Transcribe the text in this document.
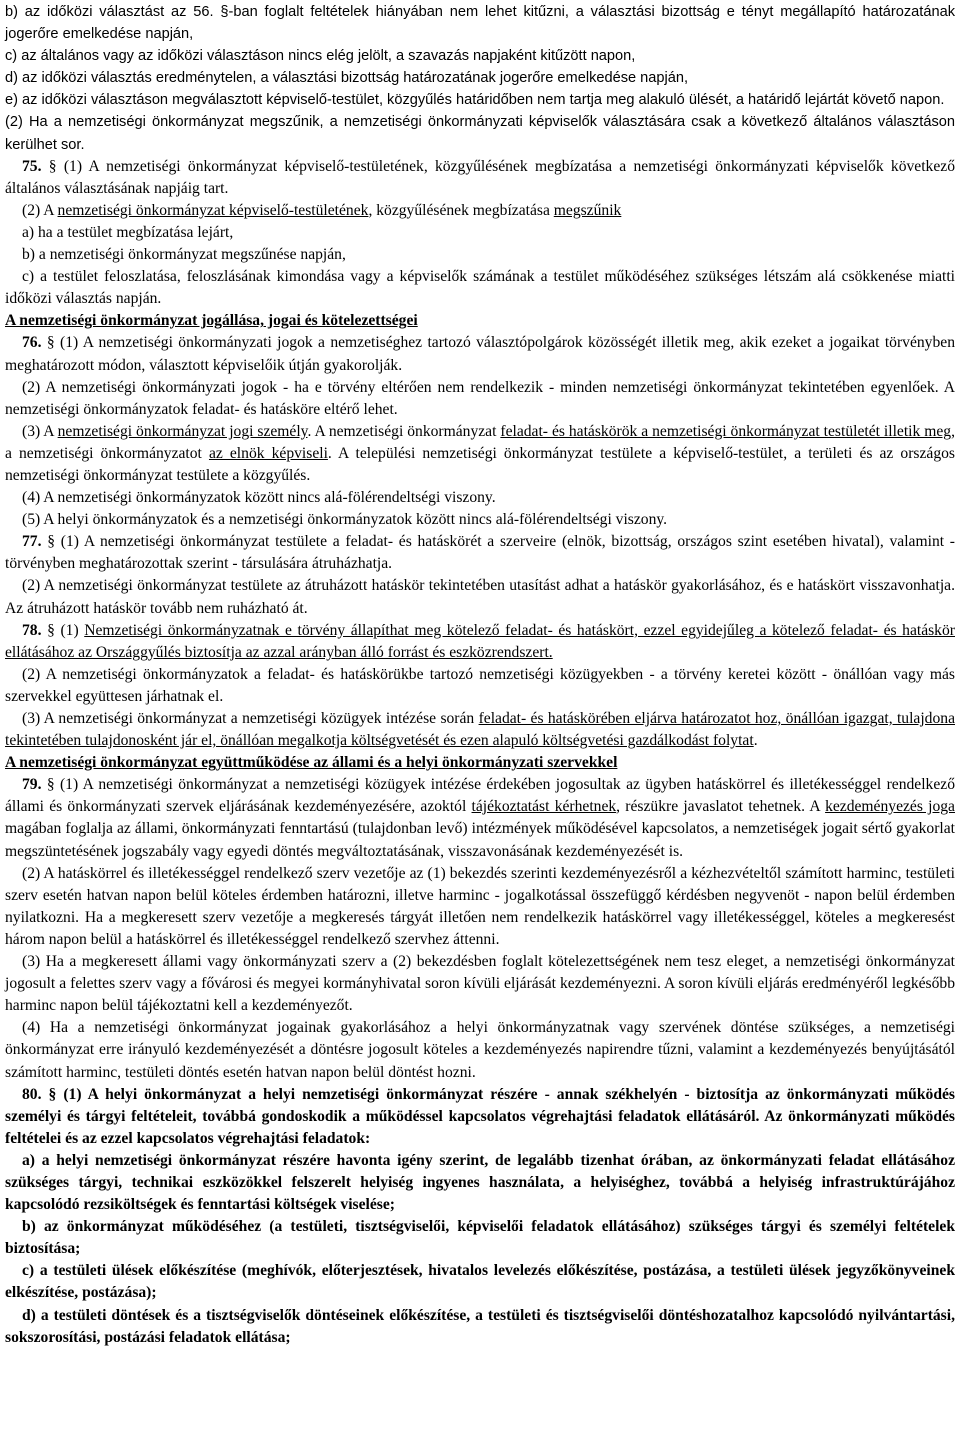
b) az időközi választást az 56. §-ban foglalt feltételek hiányában nem lehet kitűzni, a választási bizottság e tényt megállapító határozatának jogerőre emelkedése napján,

c) az általános vagy az időközi választáson nincs elég jelölt, a szavazás napjaként kitűzött napon,

d) az időközi választás eredménytelen, a választási bizottság határozatának jogerőre emelkedése napján,

e) az időközi választáson megválasztott képviselő-testület, közgyűlés határidőben nem tartja meg alakuló ülését, a határidő lejártát követő napon.

(2) Ha a nemzetiségi önkormányzat megszűnik, a nemzetiségi önkormányzati képviselők választására csak a következő általános választáson kerülhet sor.

75. § (1) A nemzetiségi önkormányzat képviselő-testületének, közgyűlésének megbízatása a nemzetiségi önkormányzati képviselők következő általános választásának napjáig tart.

(2) A nemzetiségi önkormányzat képviselő-testületének, közgyűlésének megbízatása megszűnik

a) ha a testület megbízatása lejárt,

b) a nemzetiségi önkormányzat megszűnése napján,

c) a testület feloszlatása, feloszlásának kimondása vagy a képviselők számának a testület működéséhez szükséges létszám alá csökkenése miatti időközi választás napján.

A nemzetiségi önkormányzat jogállása, jogai és kötelezettségei

76. § (1) A nemzetiségi önkormányzati jogok a nemzetiséghez tartozó választópolgárok közösségét illetik meg, akik ezeket a jogaikat törvényben meghatározott módon, választott képviselőik útján gyakorolják.

(2) A nemzetiségi önkormányzati jogok - ha e törvény eltérően nem rendelkezik - minden nemzetiségi önkormányzat tekintetében egyenlőek. A nemzetiségi önkormányzatok feladat- és hatásköre eltérő lehet.

(3) A nemzetiségi önkormányzat jogi személy. A nemzetiségi önkormányzat feladat- és hatáskörök a nemzetiségi önkormányzat testületét illetik meg, a nemzetiségi önkormányzatot az elnök képviseli. A települési nemzetiségi önkormányzat testülete a képviselő-testület, a területi és az országos nemzetiségi önkormányzat testülete a közgyűlés.

(4) A nemzetiségi önkormányzatok között nincs alá-fölérendeltségi viszony.

(5) A helyi önkormányzatok és a nemzetiségi önkormányzatok között nincs alá-fölérendeltségi viszony.

77. § (1) A nemzetiségi önkormányzat testülete a feladat- és hatáskörét a szerveire (elnök, bizottság, országos szint esetében hivatal), valamint - törvényben meghatározottak szerint - társulására átruházhatja.

(2) A nemzetiségi önkormányzat testülete az átruházott hatáskör tekintetében utasítást adhat a hatáskör gyakorlásához, és e hatáskört visszavonhatja. Az átruházott hatáskör tovább nem ruházható át.

78. § (1) Nemzetiségi önkormányzatnak e törvény állapíthat meg kötelező feladat- és hatáskört, ezzel egyidejűleg a kötelező feladat- és hatáskör ellátásához az Országgyűlés biztosítja az azzal arányban álló forrást és eszközrendszert.

(2) A nemzetiségi önkormányzatok a feladat- és hatáskörükbe tartozó nemzetiségi közügyekben - a törvény keretei között - önállóan vagy más szervekkel együttesen járhatnak el.

(3) A nemzetiségi önkormányzat a nemzetiségi közügyek intézése során feladat- és hatáskörében eljárva határozatot hoz, önállóan igazgat, tulajdona tekintetében tulajdonosként jár el, önállóan megalkotja költségvetését és ezen alapuló költségvetési gazdálkodást folytat.

A nemzetiségi önkormányzat együttműködése az állami és a helyi önkormányzati szervekkel

79. § (1) A nemzetiségi önkormányzat a nemzetiségi közügyek intézése érdekében jogosultak az ügyben hatáskörrel és illetékességgel rendelkező állami és önkormányzati szervek eljárásának kezdeményezésére, azoktól tájékoztatást kérhetnek, részükre javaslatot tehetnek. A kezdeményezés joga magában foglalja az állami, önkormányzati fenntartású (tulajdonban levő) intézmények működésével kapcsolatos, a nemzetiségek jogait sértő gyakorlat megszüntetésének jogszabály vagy egyedi döntés megváltoztatásának, visszavonásának kezdeményezését is.

(2) A hatáskörrel és illetékességgel rendelkező szerv vezetője az (1) bekezdés szerinti kezdeményezésről a kézhezvételtől számított harminc, testületi szerv esetén hatvan napon belül köteles érdemben határozni, illetve harminc - jogalkotással összefüggő kérdésben negyvenöt - napon belül érdemben nyilatkozni. Ha a megkeresett szerv vezetője a megkeresés tárgyát illetően nem rendelkezik hatáskörrel vagy illetékességgel, köteles a megkeresést három napon belül a hatáskörrel és illetékességgel rendelkező szervhez áttenni.

(3) Ha a megkeresett állami vagy önkormányzati szerv a (2) bekezdésben foglalt kötelezettségének nem tesz eleget, a nemzetiségi önkormányzat jogosult a felettes szerv vagy a fővárosi és megyei kormányhivatal soron kívüli eljárását kezdeményezni. A soron kívüli eljárás eredményéről legkésőbb harminc napon belül tájékoztatni kell a kezdeményezőt.

(4) Ha a nemzetiségi önkormányzat jogainak gyakorlásához a helyi önkormányzatnak vagy szervének döntése szükséges, a nemzetiségi önkormányzat erre irányuló kezdeményezését a döntésre jogosult köteles a kezdeményezés napirendre tűzni, valamint a kezdeményezés benyújtásától számított harminc, testületi döntés esetén hatvan napon belül döntést hozni.

80. § (1) A helyi önkormányzat a helyi nemzetiségi önkormányzat részére - annak székhelyén - biztosítja az önkormányzati működés személyi és tárgyi feltételeit, továbbá gondoskodik a működéssel kapcsolatos végrehajtási feladatok ellátásáról. Az önkormányzati működés feltételei és az ezzel kapcsolatos végrehajtási feladatok:

a) a helyi nemzetiségi önkormányzat részére havonta igény szerint, de legalább tizenhat órában, az önkormányzati feladat ellátásához szükséges tárgyi, technikai eszközökkel felszerelt helyiség ingyenes használata, a helyiséghez, továbbá a helyiség infrastruktúrájához kapcsolódó rezsiköltségek és fenntartási költségek viselése;

b) az önkormányzat működéséhez (a testületi, tisztségviselői, képviselői feladatok ellátásához) szükséges tárgyi és személyi feltételek biztosítása;

c) a testületi ülések előkészítése (meghívók, előterjesztések, hivatalos levelezés előkészítése, postázása, a testületi ülések jegyzőkönyveinek elkészítése, postázása);

d) a testületi döntések és a tisztségviselők döntéseinek előkészítése, a testületi és tisztségviselői döntéshozatalhoz kapcsolódó nyilvántartási, sokszorosítási, postázási feladatok ellátása;
